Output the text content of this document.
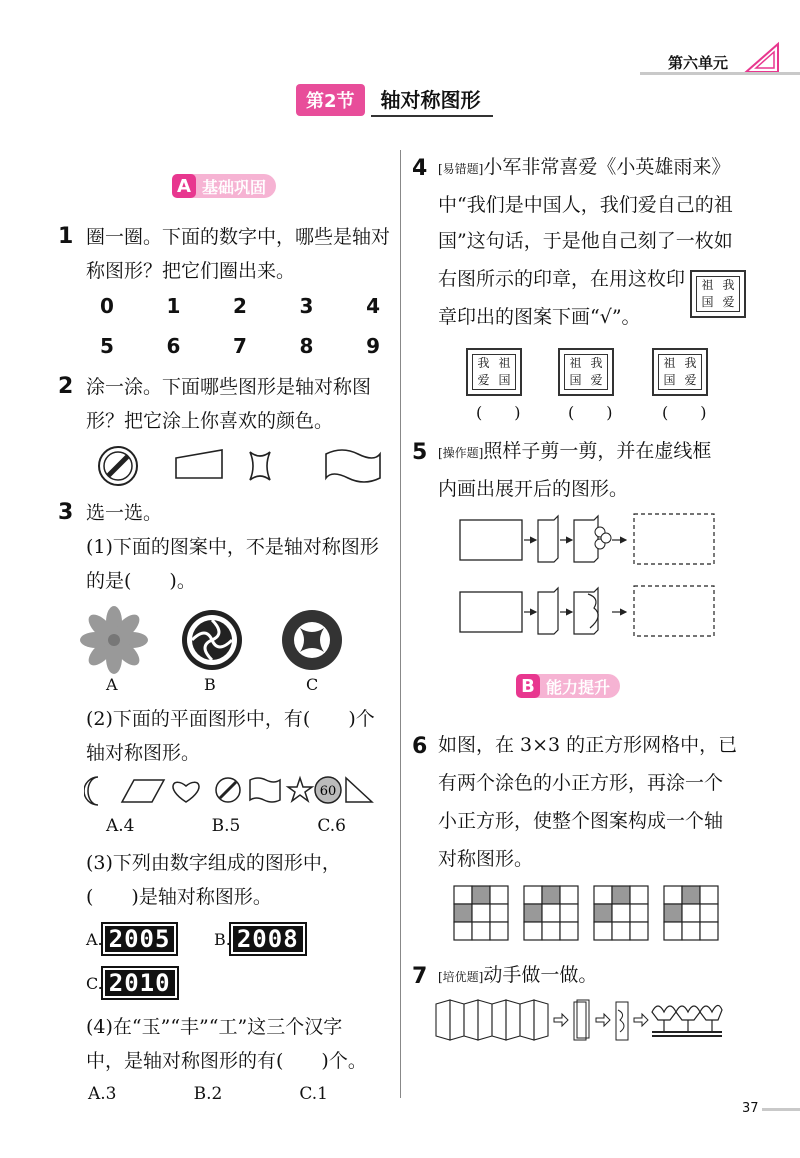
第六单元
第2节	轴对称图形
A 基础巩固
1 圈一圈。下面的数字中，哪些是轴对
称图形？把它们圈出来。
0	1	2	3	4
5	6	7	8	9
2 涂一涂。下面哪些图形是轴对称图
形？把它涂上你喜欢的颜色。
3 选一选。
(1)下面的图案中，不是轴对称图形
的是(　　)。
A	B	C
(2)下面的平面图形中，有(　　)个
轴对称图形。
60
A.4	B.5	C.6
(3)下列由数字组成的图形中，
(　　)是轴对称图形。
A. 2005	B. 2008
C. 2010
(4)在“玉”“丰”“工”这三个汉字
中，是轴对称图形的有(　　)个。
A.3	B.2	C.1
4 [易错题]小军非常喜爱《小英雄雨来》
中“我们是中国人，我们爱自己的祖
国”这句话，于是他自己刻了一枚如
右图所示的印章，在用这枚印
章印出的图案下画“√”。
祖 我
国 爱
我 祖
爱 国
祖 我
国 爱
祖 我
国 爱
(　　)	(　　)	(　　)
5 [操作题]照样子剪一剪，并在虚线框
内画出展开后的图形。
B 能力提升
6 如图，在 3×3 的正方形网格中，已
有两个涂色的小正方形，再涂一个
小正方形，使整个图案构成一个轴
对称图形。
7 [培优题]动手做一做。
37
